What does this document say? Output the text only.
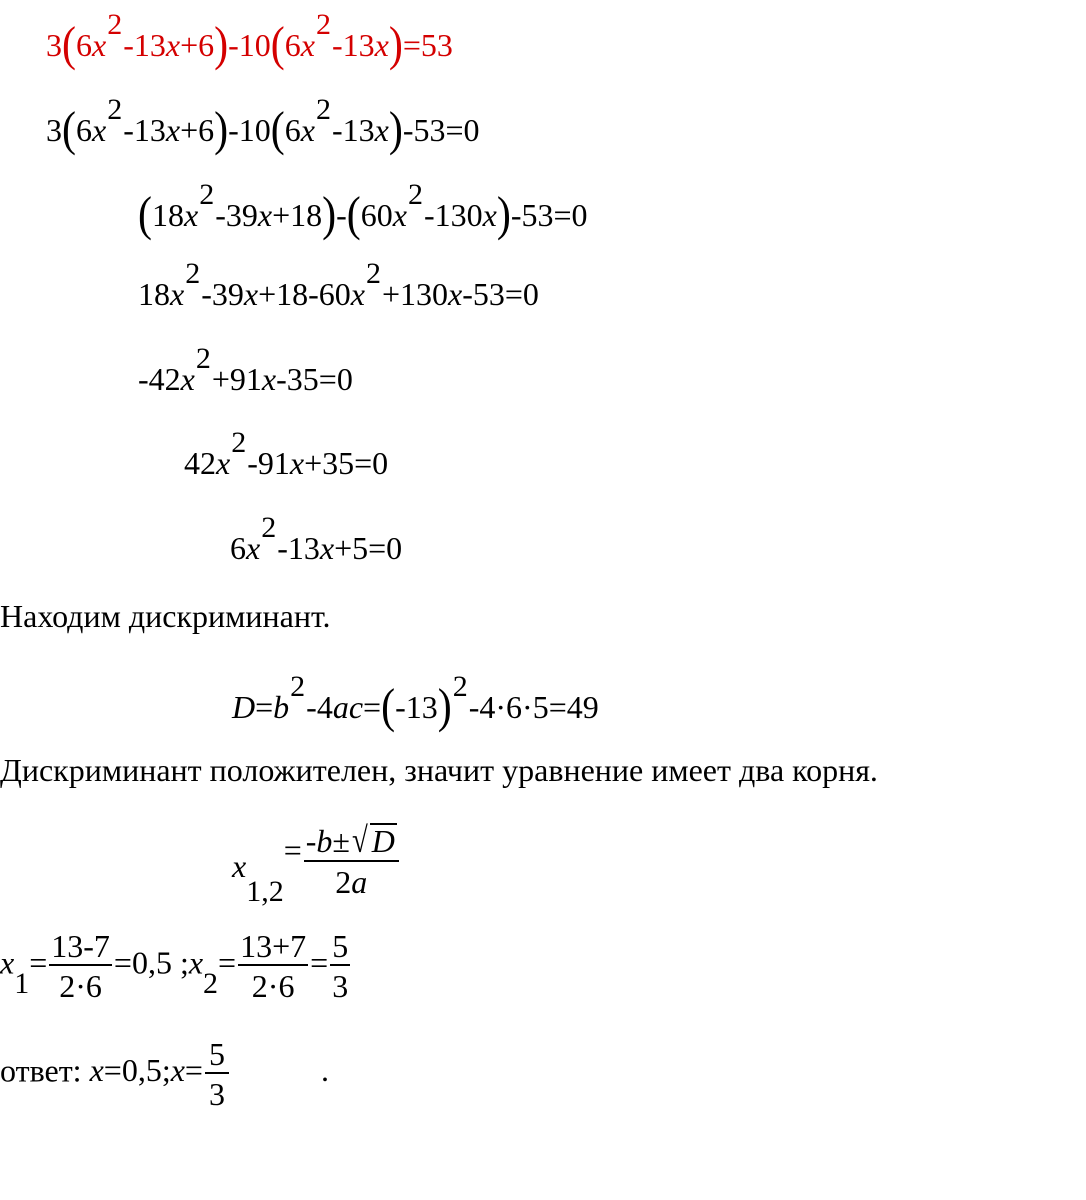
$3(6x^2-13x+6)-10(6x^2-13x)=53$
$3(6x^2-13x+6)-10(6x^2-13x)-53=0$
$(18x^2-39x+18)-(60x^2-130x)-53=0$
$18x^2-39x+18-60x^2+130x-53=0$
$-42x^2+91x-35=0$
$42x^2-91x+35=0$
$6x^2-13x+5=0$
Находим дискриминант.
$D=b^2-4ac=(-13)^2-4\cdot 6\cdot 5=49$
Дискриминант положителен, значит уравнение имеет два корня.
$x1,2= \frac{-b\pm√ D}{2a}$
$x1= \frac{13-7}{2\cdot 6} =0,5$ ;x2= $\frac{13+7}{2\cdot 6} = \frac{5}{3}$
ответ: x=0,5;x= $\frac{5}{3}$	.
